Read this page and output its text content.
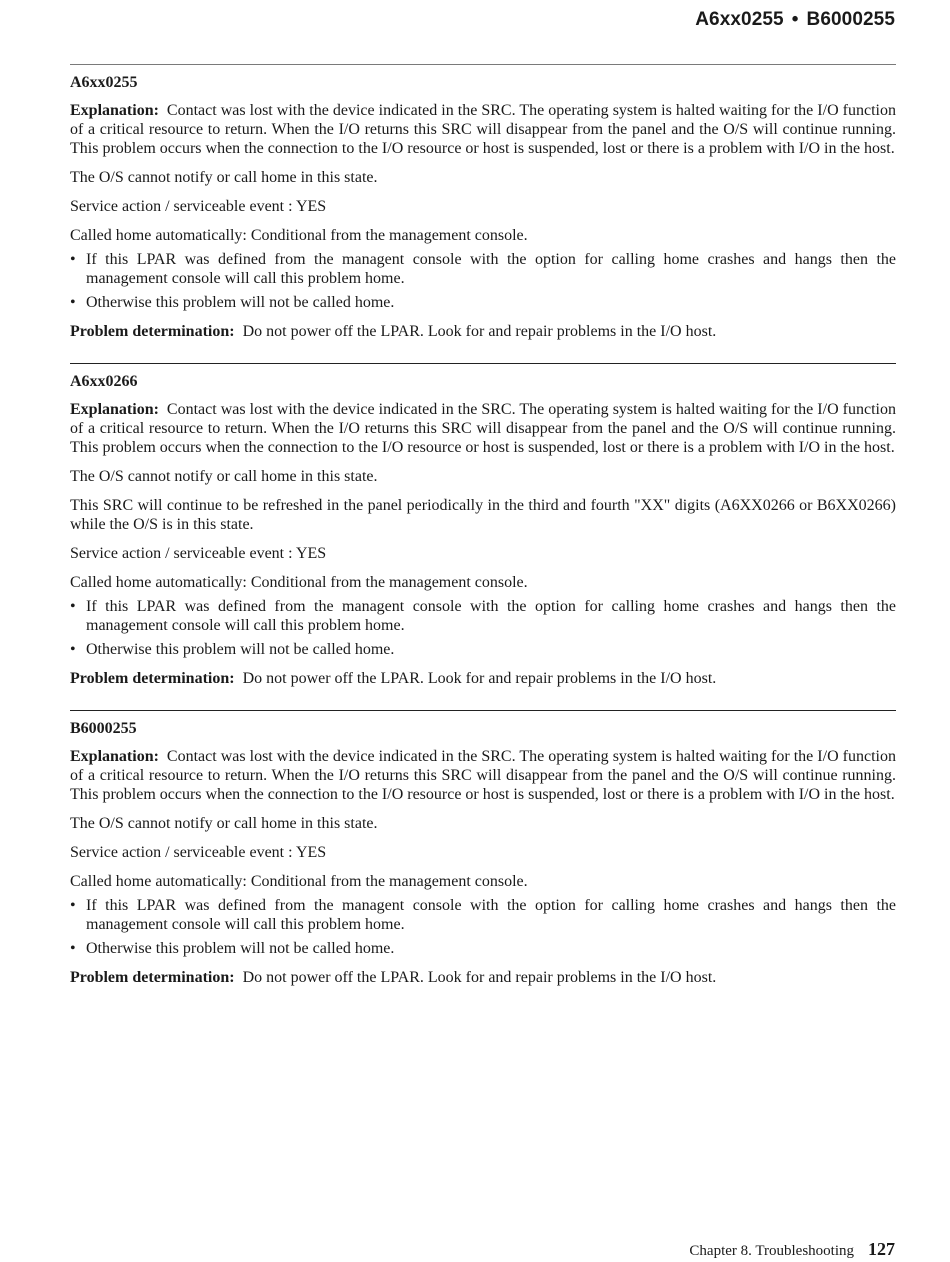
A6xx0255 • B6000255
A6xx0255

Explanation: Contact was lost with the device indicated in the SRC. The operating system is halted waiting for the I/O function of a critical resource to return. When the I/O returns this SRC will disappear from the panel and the O/S will continue running. This problem occurs when the connection to the I/O resource or host is suspended, lost or there is a problem with I/O in the host.

The O/S cannot notify or call home in this state.

Service action / serviceable event : YES

Called home automatically: Conditional from the management console.

• If this LPAR was defined from the managent console with the option for calling home crashes and hangs then the management console will call this problem home.
• Otherwise this problem will not be called home.

Problem determination: Do not power off the LPAR. Look for and repair problems in the I/O host.

A6xx0266

Explanation: Contact was lost with the device indicated in the SRC. The operating system is halted waiting for the I/O function of a critical resource to return. When the I/O returns this SRC will disappear from the panel and the O/S will continue running. This problem occurs when the connection to the I/O resource or host is suspended, lost or there is a problem with I/O in the host.

The O/S cannot notify or call home in this state.

This SRC will continue to be refreshed in the panel periodically in the third and fourth "XX" digits (A6XX0266 or B6XX0266) while the O/S is in this state.

Service action / serviceable event : YES

Called home automatically: Conditional from the management console.

• If this LPAR was defined from the managent console with the option for calling home crashes and hangs then the management console will call this problem home.
• Otherwise this problem will not be called home.

Problem determination: Do not power off the LPAR. Look for and repair problems in the I/O host.

B6000255

Explanation: Contact was lost with the device indicated in the SRC. The operating system is halted waiting for the I/O function of a critical resource to return. When the I/O returns this SRC will disappear from the panel and the O/S will continue running. This problem occurs when the connection to the I/O resource or host is suspended, lost or there is a problem with I/O in the host.

The O/S cannot notify or call home in this state.

Service action / serviceable event : YES

Called home automatically: Conditional from the management console.

• If this LPAR was defined from the managent console with the option for calling home crashes and hangs then the management console will call this problem home.
• Otherwise this problem will not be called home.

Problem determination: Do not power off the LPAR. Look for and repair problems in the I/O host.

Chapter 8. Troubleshooting 127
